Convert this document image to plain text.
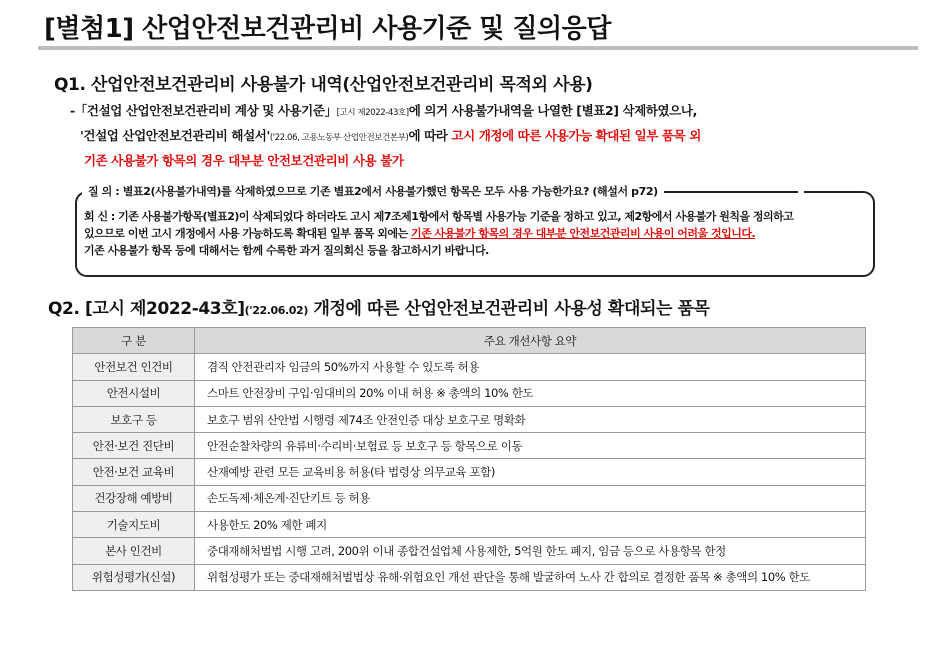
[별첨1] 산업안전보건관리비 사용기준 및 질의응답
Q1. 산업안전보건관리비 사용불가 내역(산업안전보건관리비 목적외 사용)
-「건설업 산업안전보건관리비 계상 및 사용기준」[고시 제2022-43호]에 의거 사용불가내역을 나열한 [별표2] 삭제하였으나,
'건설업 산업안전보건관리비 해설서'('22.06, 고용노동부 산업안전보건본부)에 따라 고시 개정에 따른 사용가능 확대된 일부 품목 외
기존 사용불가 항목의 경우 대부분 안전보건관리비 사용 불가
질 의 : 별표2(사용불가내역)를 삭제하였으므로 기존 별표2에서 사용불가했던 항목은 모두 사용 가능한가요? (해설서 p72)
회 신 : 기존 사용불가항목(별표2)이 삭제되었다 하더라도 고시 제7조제1항에서 항목별 사용가능 기준을 정하고 있고, 제2항에서 사용불가 원칙을 정의하고
있으므로 이번 고시 개정에서 사용 가능하도록 확대된 일부 품목 외에는 기존 사용불가 항목의 경우 대부분 안전보건관리비 사용이 어려울 것입니다.
기존 사용불가 항목 등에 대해서는 함께 수록한 과거 질의회신 등을 참고하시기 바랍니다.
Q2. [고시 제2022-43호]('22.06.02) 개정에 따른 산업안전보건관리비 사용성 확대되는 품목
구 분	주요 개선사항 요약
안전보건 인건비	겸직 안전관리자 임금의 50%까지 사용할 수 있도록 허용
안전시설비	스마트 안전장비 구입·임대비의 20% 이내 허용 ※ 총액의 10% 한도
보호구 등	보호구 범위 산안법 시행령 제74조 안전인증 대상 보호구로 명확화
안전·보건 진단비	안전순찰차량의 유류비·수리비·보험료 등 보호구 등 항목으로 이동
안전·보건 교육비	산재예방 관련 모든 교육비용 허용(타 법령상 의무교육 포함)
건강장해 예방비	손도독제·체온계·진단키트 등 허용
기술지도비	사용한도 20% 제한 폐지
본사 인건비	중대재해처벌법 시행 고려, 200위 이내 종합건설업체 사용제한, 5억원 한도 폐지, 임금 등으로 사용항목 한정
위험성평가(신설)	위험성평가 또는 중대재해처벌법상 유해·위험요인 개선 판단을 통해 발굴하여 노사 간 합의로 결정한 품목 ※ 총액의 10% 한도
